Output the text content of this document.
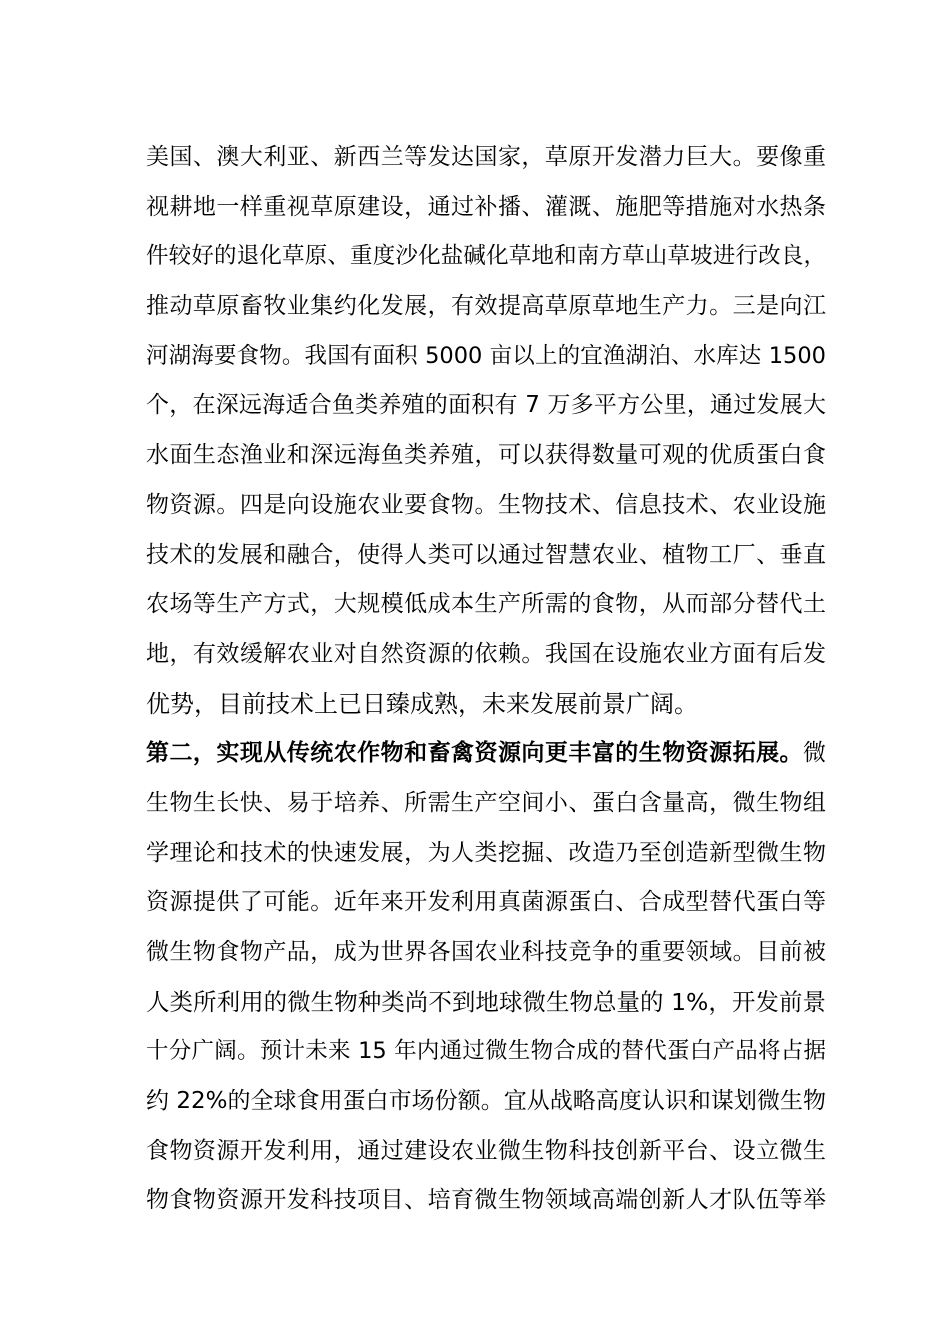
美国、澳大利亚、新西兰等发达国家，草原开发潜力巨大。要像重
视耕地一样重视草原建设，通过补播、灌溉、施肥等措施对水热条
件较好的退化草原、重度沙化盐碱化草地和南方草山草坡进行改良，
推动草原畜牧业集约化发展，有效提高草原草地生产力。三是向江
河湖海要食物。我国有面积 5000 亩以上的宜渔湖泊、水库达 1500
个，在深远海适合鱼类养殖的面积有 7 万多平方公里，通过发展大
水面生态渔业和深远海鱼类养殖，可以获得数量可观的优质蛋白食
物资源。四是向设施农业要食物。生物技术、信息技术、农业设施
技术的发展和融合，使得人类可以通过智慧农业、植物工厂、垂直
农场等生产方式，大规模低成本生产所需的食物，从而部分替代土
地，有效缓解农业对自然资源的依赖。我国在设施农业方面有后发
优势，目前技术上已日臻成熟，未来发展前景广阔。
第二，实现从传统农作物和畜禽资源向更丰富的生物资源拓展。微
生物生长快、易于培养、所需生产空间小、蛋白含量高，微生物组
学理论和技术的快速发展，为人类挖掘、改造乃至创造新型微生物
资源提供了可能。近年来开发利用真菌源蛋白、合成型替代蛋白等
微生物食物产品，成为世界各国农业科技竞争的重要领域。目前被
人类所利用的微生物种类尚不到地球微生物总量的 1%，开发前景
十分广阔。预计未来 15 年内通过微生物合成的替代蛋白产品将占据
约 22%的全球食用蛋白市场份额。宜从战略高度认识和谋划微生物
食物资源开发利用，通过建设农业微生物科技创新平台、设立微生
物食物资源开发科技项目、培育微生物领域高端创新人才队伍等举
